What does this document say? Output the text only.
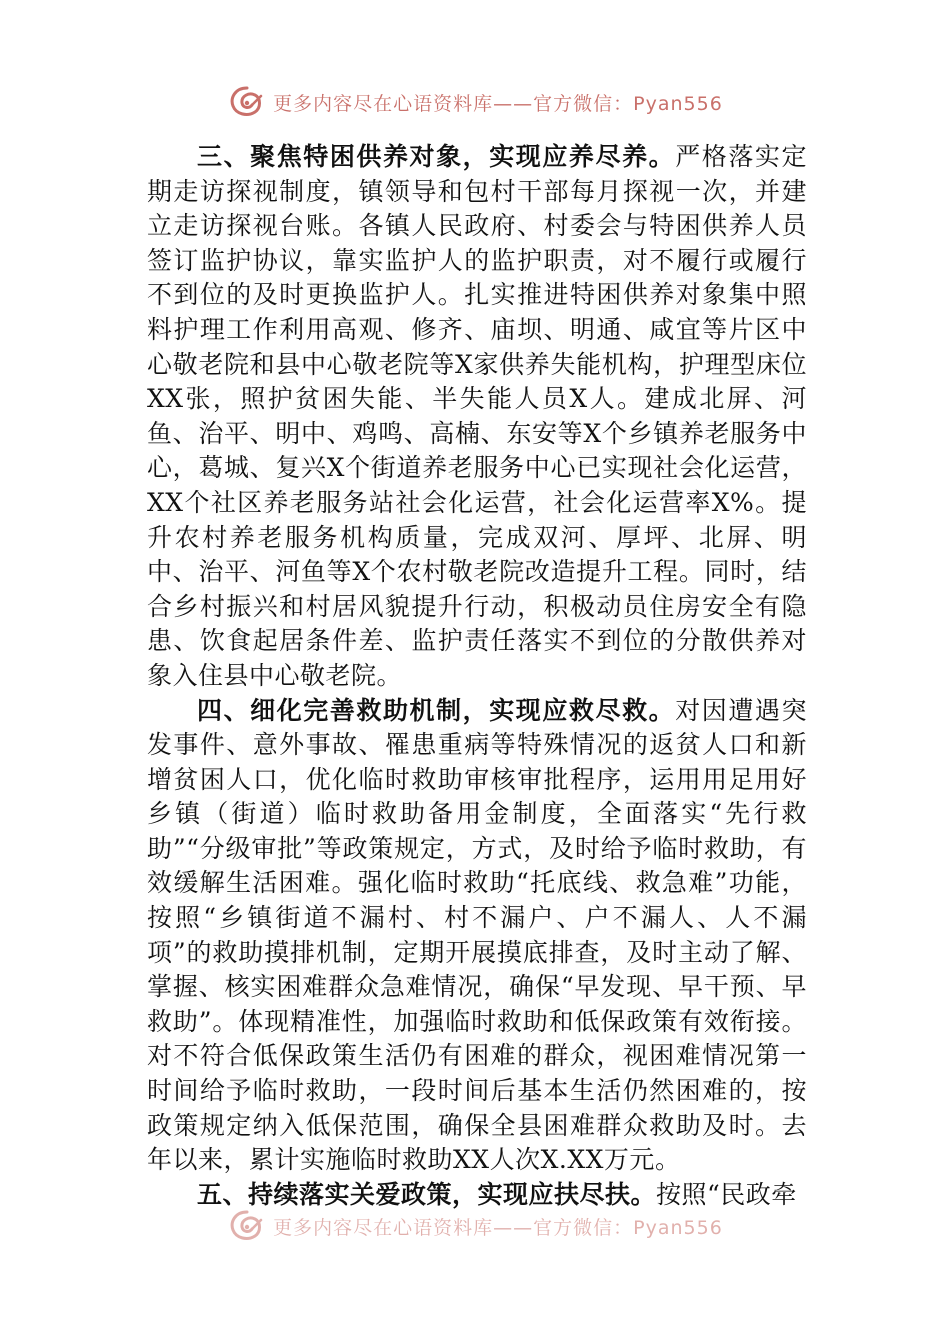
更多内容尽在心语资料库——官方微信：Pyan556

三、聚焦特困供养对象，实现应养尽养。严格落实定期走访探视制度，镇领导和包村干部每月探视一次，并建立走访探视台账。各镇人民政府、村委会与特困供养人员签订监护协议，靠实监护人的监护职责，对不履行或履行不到位的及时更换监护人。扎实推进特困供养对象集中照料护理工作利用高观、修齐、庙坝、明通、咸宜等片区中心敬老院和县中心敬老院等X家供养失能机构，护理型床位XX张，照护贫困失能、半失能人员X人。建成北屏、河鱼、治平、明中、鸡鸣、高楠、东安等X个乡镇养老服务中心，葛城、复兴X个街道养老服务中心已实现社会化运营，XX个社区养老服务站社会化运营，社会化运营率X%。提升农村养老服务机构质量，完成双河、厚坪、北屏、明中、治平、河鱼等X个农村敬老院改造提升工程。同时，结合乡村振兴和村居风貌提升行动，积极动员住房安全有隐患、饮食起居条件差、监护责任落实不到位的分散供养对象入住县中心敬老院。

四、细化完善救助机制，实现应救尽救。对因遭遇突发事件、意外事故、罹患重病等特殊情况的返贫人口和新增贫困人口，优化临时救助审核审批程序，运用用足用好乡镇（街道）临时救助备用金制度，全面落实“先行救助”“分级审批”等政策规定，方式，及时给予临时救助，有效缓解生活困难。强化临时救助“托底线、救急难”功能，按照“乡镇街道不漏村、村不漏户、户不漏人、人不漏项”的救助摸排机制，定期开展摸底排查，及时主动了解、掌握、核实困难群众急难情况，确保“早发现、早干预、早救助”。体现精准性，加强临时救助和低保政策有效衔接。对不符合低保政策生活仍有困难的群众，视困难情况第一时间给予临时救助，一段时间后基本生活仍然困难的，按政策规定纳入低保范围，确保全县困难群众救助及时。去年以来，累计实施临时救助XX人次X.XX万元。

五、持续落实关爱政策，实现应扶尽扶。按照“民政牵

更多内容尽在心语资料库——官方微信：Pyan556
